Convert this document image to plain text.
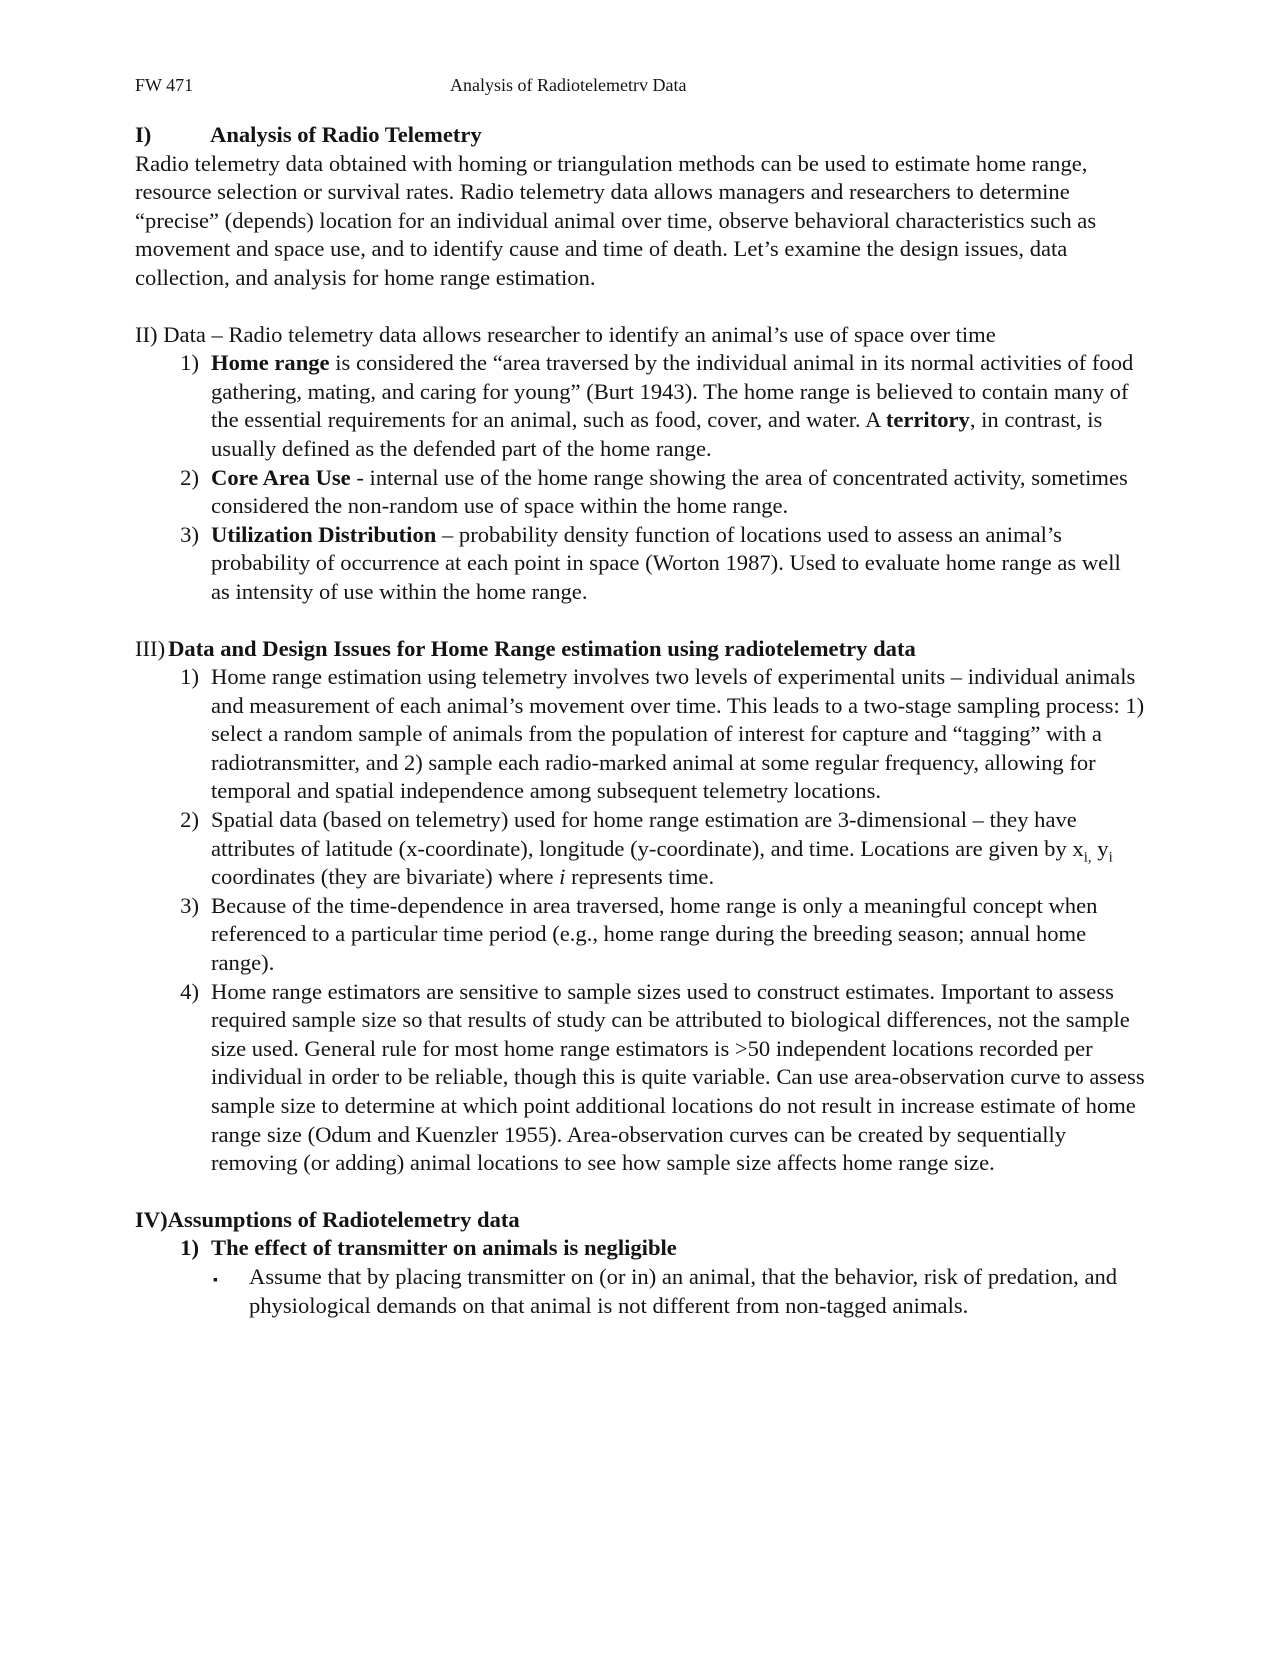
FW 471	Analysis of Radiotelemetrv Data
I)	Analysis of Radio Telemetry

Radio telemetry data obtained with homing or triangulation methods can be used to estimate home range, resource selection or survival rates. Radio telemetry data allows managers and researchers to determine “precise” (depends) location for an individual animal over time, observe behavioral characteristics such as movement and space use, and to identify cause and time of death. Let’s examine the design issues, data collection, and analysis for home range estimation.

II) Data – Radio telemetry data allows researcher to identify an animal’s use of space over time

1) Home range is considered the “area traversed by the individual animal in its normal activities of food gathering, mating, and caring for young” (Burt 1943). The home range is believed to contain many of the essential requirements for an animal, such as food, cover, and water. A territory, in contrast, is usually defined as the defended part of the home range.
2) Core Area Use - internal use of the home range showing the area of concentrated activity, sometimes considered the non-random use of space within the home range.
3) Utilization Distribution – probability density function of locations used to assess an animal’s probability of occurrence at each point in space (Worton 1987). Used to evaluate home range as well as intensity of use within the home range.
III) Data and Design Issues for Home Range estimation using radiotelemetry data
1) Home range estimation using telemetry involves two levels of experimental units – individual animals and measurement of each animal’s movement over time. This leads to a two-stage sampling process: 1) select a random sample of animals from the population of interest for capture and “tagging” with a radiotransmitter, and 2) sample each radio-marked animal at some regular frequency, allowing for temporal and spatial independence among subsequent telemetry locations.
2) Spatial data (based on telemetry) used for home range estimation are 3-dimensional – they have attributes of latitude (x-coordinate), longitude (y-coordinate), and time. Locations are given by $x_{i,}$ $y_i$ coordinates (they are bivariate) where i represents time.
3) Because of the time-dependence in area traversed, home range is only a meaningful concept when referenced to a particular time period (e.g., home range during the breeding season; annual home range).
4) Home range estimators are sensitive to sample sizes used to construct estimates. Important to assess required sample size so that results of study can be attributed to biological differences, not the sample size used. General rule for most home range estimators is >50 independent locations recorded per individual in order to be reliable, though this is quite variable. Can use area-observation curve to assess sample size to determine at which point additional locations do not result in increase estimate of home range size (Odum and Kuenzler 1955). Area-observation curves can be created by sequentially removing (or adding) animal locations to see how sample size affects home range size.
IV) Assumptions of Radiotelemetry data
1) The effect of transmitter on animals is negligible
▪	Assume that by placing transmitter on (or in) an animal, that the behavior, risk of predation, and physiological demands on that animal is not different from non-tagged animals.
